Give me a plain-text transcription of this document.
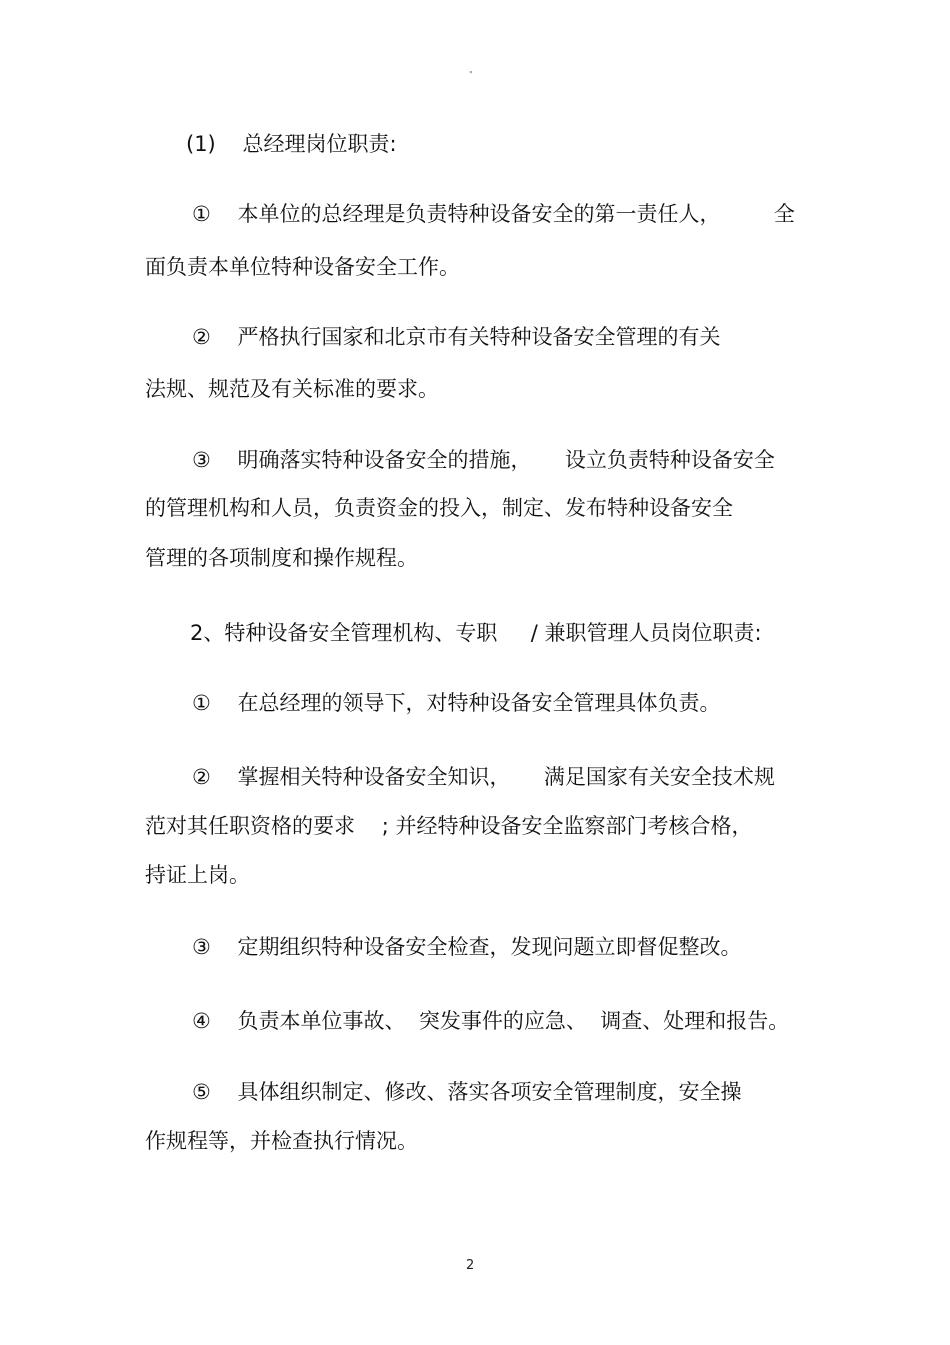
"
(1)    总经理岗位职责:
①    本单位的总经理是负责特种设备安全的第一责任人，        全
面负责本单位特种设备安全工作。
②    严格执行国家和北京市有关特种设备安全管理的有关
法规、规范及有关标准的要求。
③    明确落实特种设备安全的措施，     设立负责特种设备安全
的管理机构和人员，负责资金的投入，制定、发布特种设备安全
管理的各项制度和操作规程。
2、特种设备安全管理机构、专职     / 兼职管理人员岗位职责:
①    在总经理的领导下，对特种设备安全管理具体负责。
②    掌握相关特种设备安全知识，     满足国家有关安全技术规
范对其任职资格的要求    ; 并经特种设备安全监察部门考核合格，
持证上岗。
③    定期组织特种设备安全检查，发现问题立即督促整改。
④    负责本单位事故、  突发事件的应急、  调查、处理和报告。
⑤    具体组织制定、修改、落实各项安全管理制度，安全操
作规程等，并检查执行情况。
2
